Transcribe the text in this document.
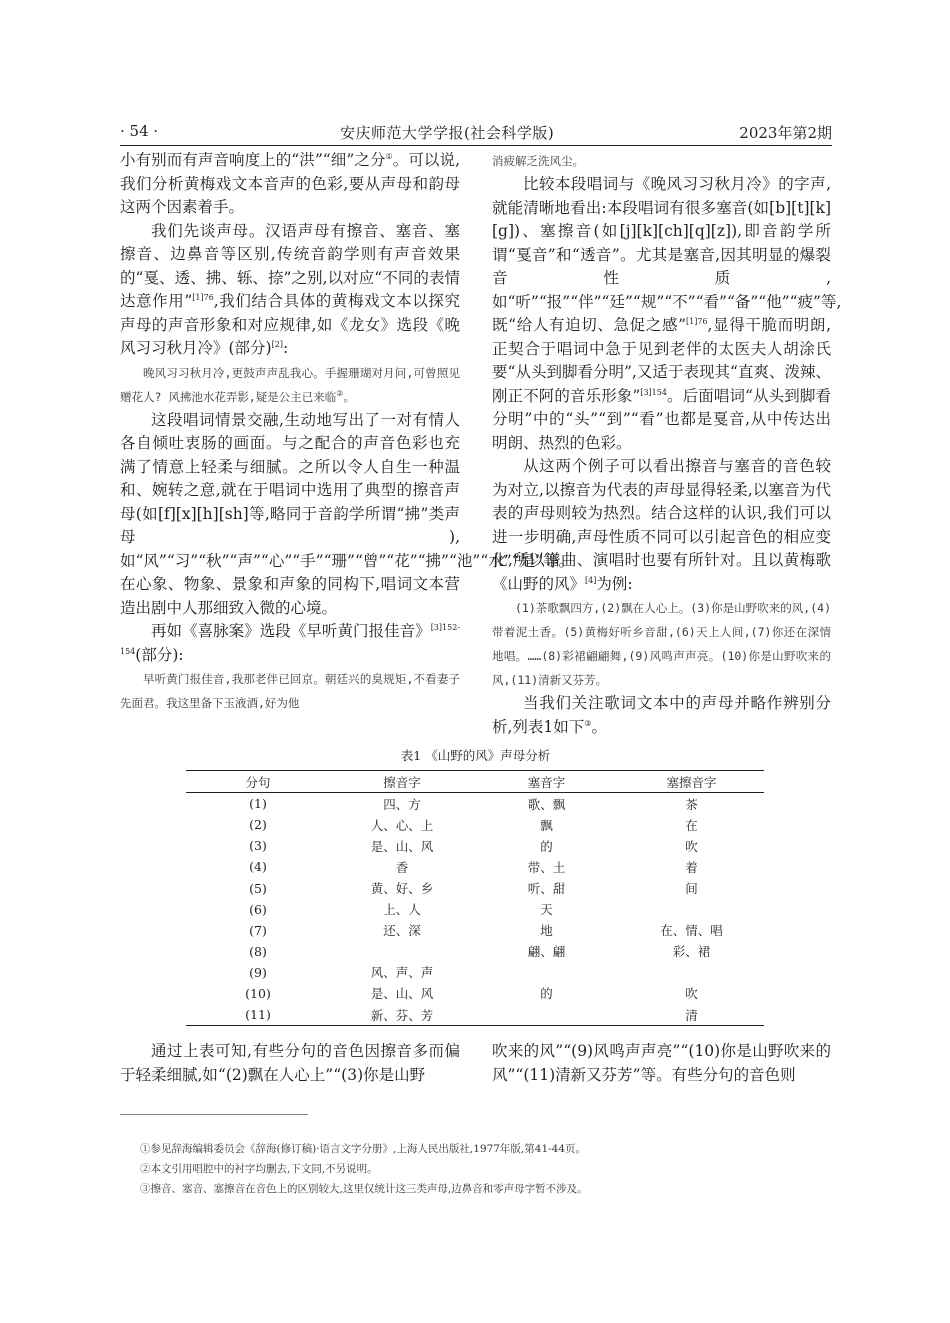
· 54 ·	安庆师范大学学报(社会科学版)	2023年第2期

小有别而有声音响度上的“洪”“细”之分①。可以说,我们分析黄梅戏文本音声的色彩,要从声母和韵母这两个因素着手。

我们先谈声母。汉语声母有擦音、塞音、塞擦音、边鼻音等区别,传统音韵学则有声音效果的“戛、透、拂、轹、捺”之别,以对应“不同的表情达意作用”$^{[1]76}$,我们结合具体的黄梅戏文本以探究声母的声音形象和对应规律,如《龙女》选段《晚风习习秋月冷》(部分)[2]:

晚风习习秋月冷,更鼓声声乱我心。手握珊瑚对月问,可曾照见赠花人? 风拂池水花弄影,疑是公主已来临②。

这段唱词情景交融,生动地写出了一对有情人各自倾吐衷肠的画面。与之配合的声音色彩也充满了情意上轻柔与细腻。之所以令人自生一种温和、婉转之意,就在于唱词中选用了典型的擦音声母(如[f][x][h][sh]等,略同于音韵学所谓“拂”类声母),如“风”“习”“秋”“声”“心”“手”“珊”“曾”“花”“拂”“池”“水”“是”等。在心象、物象、景象和声象的同构下,唱词文本营造出剧中人那细致入微的心境。

再如《喜脉案》选段《早听黄门报佳音》$^{[3]152-154}$(部分):

早听黄门报佳音,我那老伴已回京。朝廷兴的臭规矩,不看妻子先面君。我这里备下玉液酒,好为他

消疲解乏洗风尘。

比较本段唱词与《晚风习习秋月冷》的字声,就能清晰地看出:本段唱词有很多塞音(如[b][t][k][g])、塞擦音(如[j][k][ch][q][z]),即音韵学所谓“戛音”和“透音”。尤其是塞音,因其明显的爆裂音性质,如“听”“报”“伴”“廷”“规”“不”“看”“备”“他”“疲”等,既“给人有迫切、急促之感”$^{[1]76}$,显得干脆而明朗,正契合于唱词中急于见到老伴的太医夫人胡涂氏要“从头到脚看分明”,又适于表现其“直爽、泼辣、刚正不阿的音乐形象”$^{[3]154}$。后面唱词“从头到脚看分明”中的“头”“到”“看”也都是戛音,从中传达出明朗、热烈的色彩。

从这两个例子可以看出擦音与塞音的音色较为对立,以擦音为代表的声母显得轻柔,以塞音为代表的声母则较为热烈。结合这样的认识,我们可以进一步明确,声母性质不同可以引起音色的相应变化,所以谱曲、演唱时也要有所针对。且以黄梅歌《山野的风》[4]为例:

(1)茶歌飘四方,(2)飘在人心上。(3)你是山野吹来的风,(4)带着泥土香。(5)黄梅好听乡音甜,(6)天上人间,(7)你还在深情地唱。……(8)彩裙翩翩舞,(9)风鸣声声亮。(10)你是山野吹来的风,(11)清新又芬芳。

当我们关注歌词文本中的声母并略作辨别分析,列表1如下③。

表1 《山野的风》声母分析
分句	擦音字	塞音字	塞擦音字
(1)	四、方	歌、飘	茶
(2)	人、心、上	飘	在
(3)	是、山、风	的	吹
(4)	香	带、土	着
(5)	黄、好、乡	听、甜	间
(6)	上、人	天	
(7)	还、深	地	在、情、唱
(8)		翩、翩	彩、裙
(9)	风、声、声		
(10)	是、山、风	的	吹
(11)	新、芬、芳		清

通过上表可知,有些分句的音色因擦音多而偏于轻柔细腻,如“(2)飘在人心上”“(3)你是山野

吹来的风”“(9)风鸣声声亮”“(10)你是山野吹来的风”“(11)清新又芬芳”等。有些分句的音色则

①参见辞海编辑委员会《辞海(修订稿)·语言文字分册》,上海人民出版社,1977年版,第41-44页。
②本文引用唱腔中的衬字均删去,下文同,不另说明。
③擦音、塞音、塞擦音在音色上的区别较大,这里仅统计这三类声母,边鼻音和零声母字暂不涉及。
